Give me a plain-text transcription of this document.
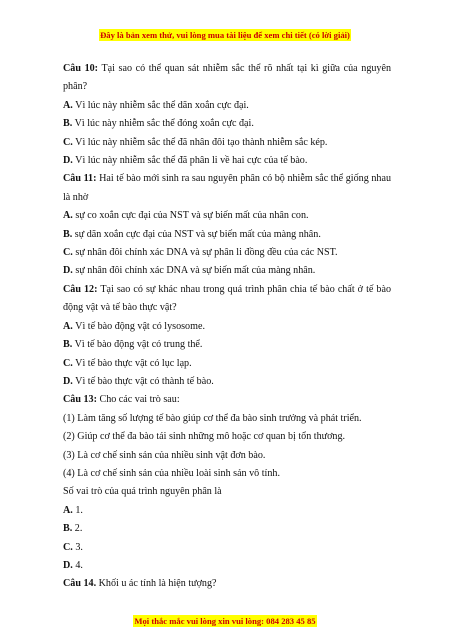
Đây là bản xem thử, vui lòng mua tài liệu để xem chi tiết (có lời giải)

Câu 10: Tại sao có thể quan sát nhiễm sắc thể rõ nhất tại kì giữa của nguyên phân?

A. Vì lúc này nhiễm sắc thể dãn xoắn cực đại.

B. Vì lúc này nhiễm sắc thể đóng xoắn cực đại.

C. Vì lúc này nhiễm sắc thể đã nhân đôi tạo thành nhiễm sắc kép.

D. Vì lúc này nhiễm sắc thể đã phân li về hai cực của tế bào.

Câu 11: Hai tế bào mới sinh ra sau nguyên phân có bộ nhiễm sắc thể giống nhau là nhờ

A. sự co xoắn cực đại của NST và sự biến mất của nhân con.

B. sự dãn xoắn cực đại của NST và sự biến mất của màng nhân.

C. sự nhân đôi chính xác DNA và sự phân li đồng đều của các NST.

D. sự nhân đôi chính xác DNA và sự biến mất của màng nhân.

Câu 12: Tại sao có sự khác nhau trong quá trình phân chia tế bào chất ở tế bào động vật và tế bào thực vật?

A. Vì tế bào động vật có lysosome.

B. Vì tế bào động vật có trung thể.

C. Vì tế bào thực vật có lục lạp.

D. Vì tế bào thực vật có thành tế bào.

Câu 13: Cho các vai trò sau:

(1) Làm tăng số lượng tế bào giúp cơ thể đa bào sinh trưởng và phát triển.

(2) Giúp cơ thể đa bào tái sinh những mô hoặc cơ quan bị tổn thương.

(3) Là cơ chế sinh sản của nhiều sinh vật đơn bào.

(4) Là cơ chế sinh sản của nhiều loài sinh sản vô tính.

Số vai trò của quá trình nguyên phân là

A. 1.

B. 2.

C. 3.

D. 4.

Câu 14. Khối u ác tính là hiện tượng?

Mọi thắc mắc vui lòng xin vui lòng: 084 283 45 85
